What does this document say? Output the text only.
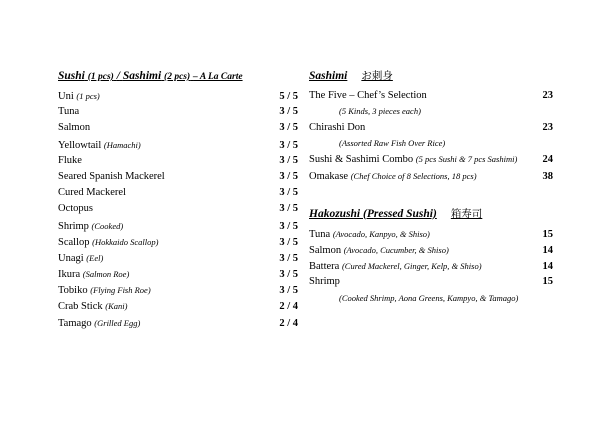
Sushi (1 pcs) / Sashimi (2 pcs) – A La Carte
Uni (1 pcs)	5 / 5
Tuna	3 / 5
Salmon	3 / 5
Yellowtail (Hamachi)	3 / 5
Fluke	3 / 5
Seared Spanish Mackerel	3 / 5
Cured Mackerel	3 / 5
Octopus	3 / 5
Shrimp (Cooked)	3 / 5
Scallop (Hokkaido Scallop)	3 / 5
Unagi (Eel)	3 / 5
Ikura (Salmon Roe)	3 / 5
Tobiko (Flying Fish Roe)	3 / 5
Crab Stick (Kani)	2 / 4
Tamago (Grilled Egg)	2 / 4
Sashimi お刺身
The Five – Chef’s Selection	23
(5 Kinds, 3 pieces each)
Chirashi Don	23
(Assorted Raw Fish Over Rice)
Sushi & Sashimi Combo (5 pcs Sushi & 7 pcs Sashimi) 24
Omakase (Chef Choice of 8 Selections, 18 pcs)	38
Hakozushi (Pressed Sushi) 箱寿司
Tuna (Avocado, Kanpyo, & Shiso)	15
Salmon (Avocado, Cucumber, & Shiso)	14
Battera (Cured Mackerel, Ginger, Kelp, & Shiso)	14
Shrimp	15
(Cooked Shrimp, Aona Greens, Kampyo, & Tamago)
